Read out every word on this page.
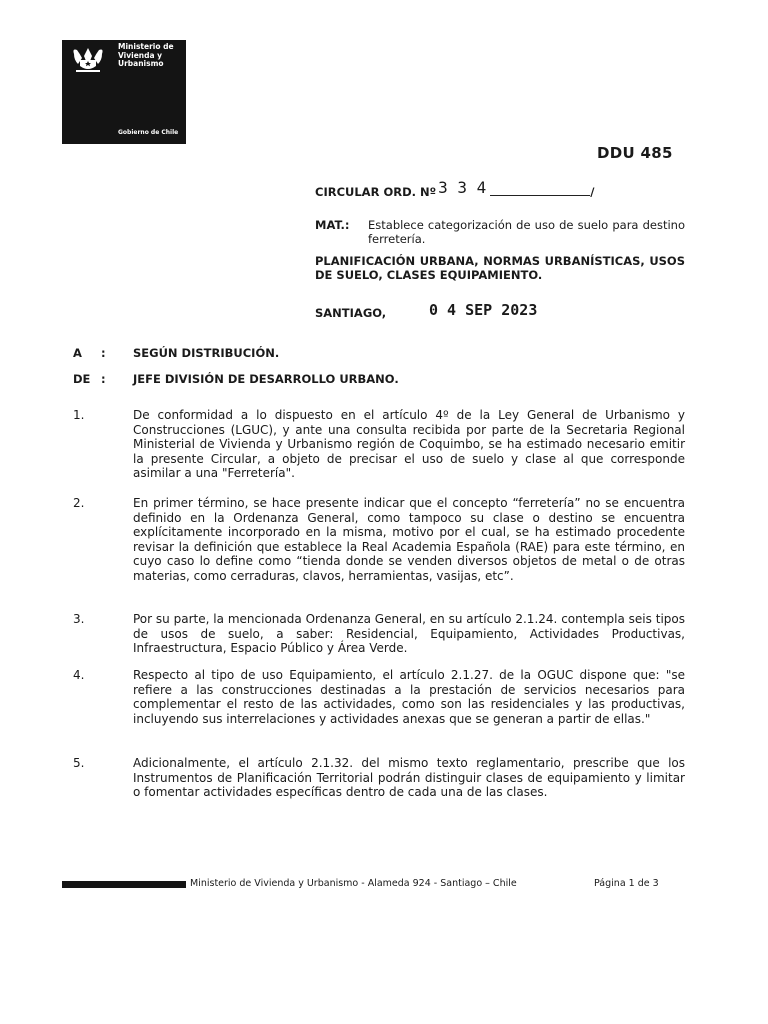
Ministerio de
Vivienda y
Urbanismo
Gobierno de Chile
DDU 485
CIRCULAR ORD. Nº 3 3 4	/
MAT.: Establece categorización de uso de suelo para destino ferretería.
PLANIFICACIÓN URBANA, NORMAS URBANÍSTICAS, USOS DE SUELO, CLASES EQUIPAMIENTO.
SANTIAGO,	0 4 SEP 2023
A : SEGÚN DISTRIBUCIÓN.
DE : JEFE DIVISIÓN DE DESARROLLO URBANO.
1.	De conformidad a lo dispuesto en el artículo 4º de la Ley General de Urbanismo y Construcciones (LGUC), y ante una consulta recibida por parte de la Secretaria Regional Ministerial de Vivienda y Urbanismo región de Coquimbo, se ha estimado necesario emitir la presente Circular, a objeto de precisar el uso de suelo y clase al que corresponde asimilar a una "Ferretería".
2.	En primer término, se hace presente indicar que el concepto “ferretería” no se encuentra definido en la Ordenanza General, como tampoco su clase o destino se encuentra explícitamente incorporado en la misma, motivo por el cual, se ha estimado procedente revisar la definición que establece la Real Academia Española (RAE) para este término, en cuyo caso lo define como “tienda donde se venden diversos objetos de metal o de otras materias, como cerraduras, clavos, herramientas, vasijas, etc”.
3.	Por su parte, la mencionada Ordenanza General, en su artículo 2.1.24. contempla seis tipos de usos de suelo, a saber: Residencial, Equipamiento, Actividades Productivas, Infraestructura, Espacio Público y Área Verde.
4.	Respecto al tipo de uso Equipamiento, el artículo 2.1.27. de la OGUC dispone que: "se refiere a las construcciones destinadas a la prestación de servicios necesarios para complementar el resto de las actividades, como son las residenciales y las productivas, incluyendo sus interrelaciones y actividades anexas que se generan a partir de ellas."
5.	Adicionalmente, el artículo 2.1.32. del mismo texto reglamentario, prescribe que los Instrumentos de Planificación Territorial podrán distinguir clases de equipamiento y limitar o fomentar actividades específicas dentro de cada una de las clases.
Ministerio de Vivienda y Urbanismo - Alameda 924 - Santiago – Chile	Página 1 de 3
